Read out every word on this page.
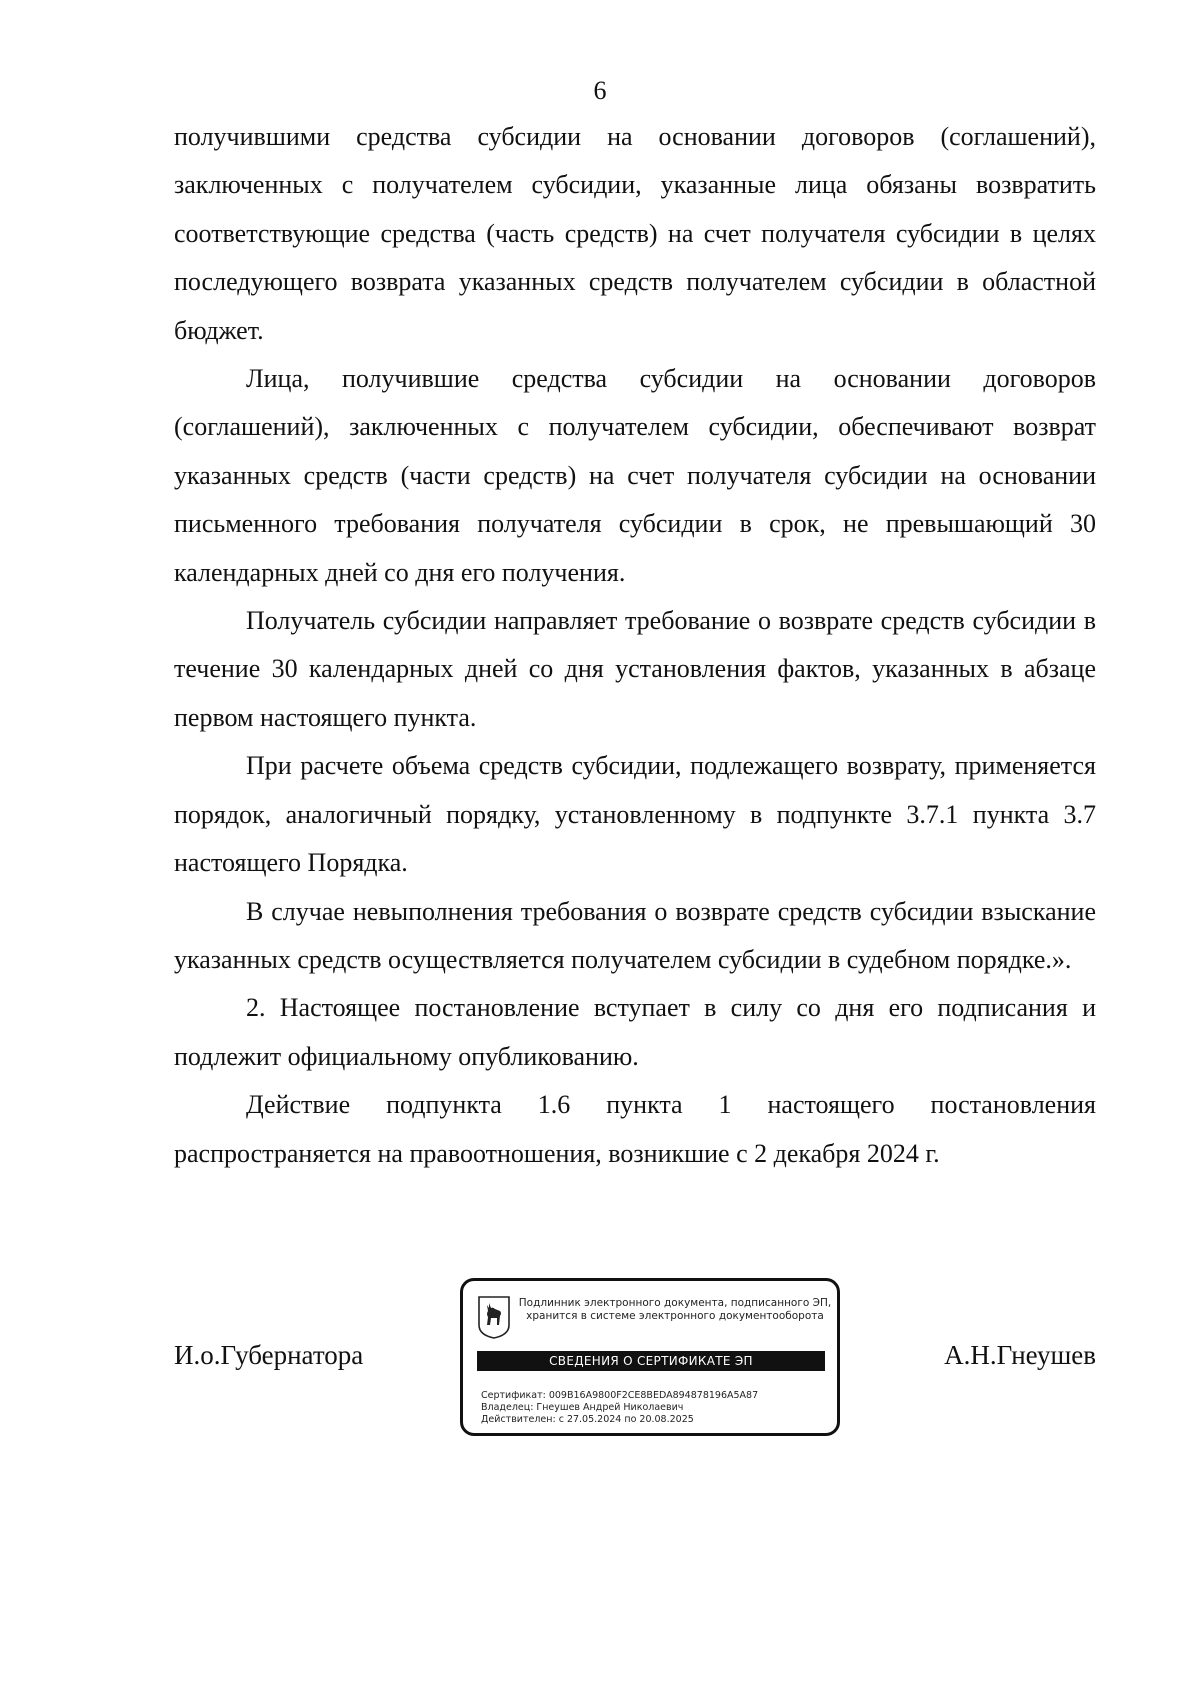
6

получившими средства субсидии на основании договоров (соглашений), заключенных с получателем субсидии, указанные лица обязаны возвратить соответствующие средства (часть средств) на счет получателя субсидии в целях последующего возврата указанных средств получателем субсидии в областной бюджет.

Лица, получившие средства субсидии на основании договоров (соглашений), заключенных с получателем субсидии, обеспечивают возврат указанных средств (части средств) на счет получателя субсидии на основании письменного требования получателя субсидии в срок, не превышающий 30 календарных дней со дня его получения.

Получатель субсидии направляет требование о возврате средств субсидии в течение 30 календарных дней со дня установления фактов, указанных в абзаце первом настоящего пункта.

При расчете объема средств субсидии, подлежащего возврату, применяется порядок, аналогичный порядку, установленному в подпункте 3.7.1 пункта 3.7 настоящего Порядка.

В случае невыполнения требования о возврате средств субсидии взыскание указанных средств осуществляется получателем субсидии в судебном порядке.».

2. Настоящее постановление вступает в силу со дня его подписания и подлежит официальному опубликованию.

Действие подпункта 1.6 пункта 1 настоящего постановления распространяется на правоотношения, возникшие с 2 декабря 2024 г.

И.о.Губернатора	А.Н.Гнеушев
Подлинник электронного документа, подписанного ЭП,
хранится в системе электронного документооборота
СВЕДЕНИЯ О СЕРТИФИКАТЕ ЭП
Сертификат: 009B16A9800F2CE8BEDA894878196A5A87
Владелец: Гнеушев Андрей Николаевич
Действителен: с 27.05.2024 по 20.08.2025
